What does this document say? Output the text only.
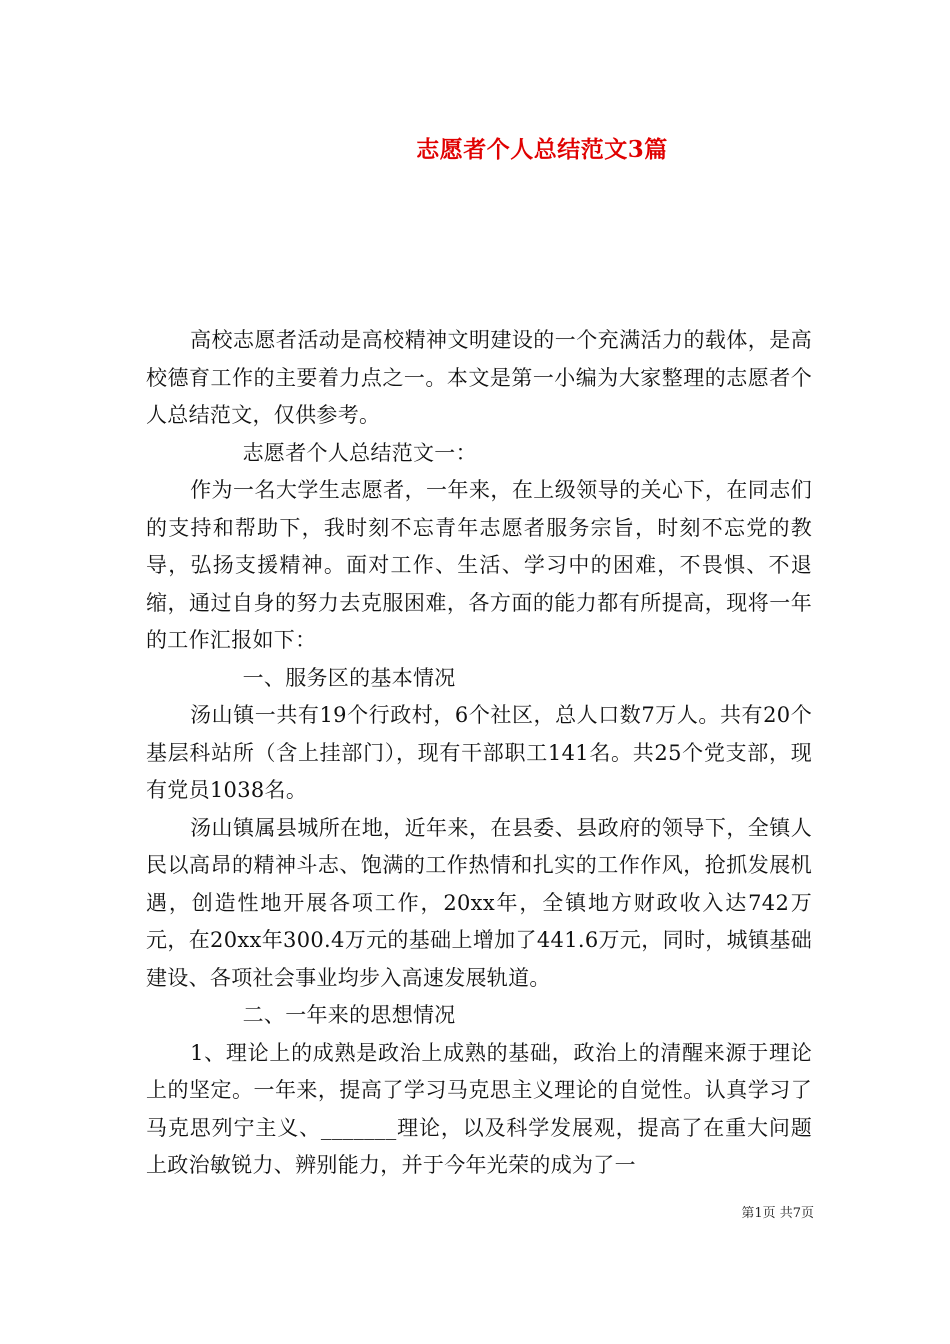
志愿者个人总结范文3篇

高校志愿者活动是高校精神文明建设的一个充满活力的载体，是高校德育工作的主要着力点之一。本文是第一小编为大家整理的志愿者个人总结范文，仅供参考。

志愿者个人总结范文一：

作为一名大学生志愿者，一年来，在上级领导的关心下，在同志们的支持和帮助下，我时刻不忘青年志愿者服务宗旨，时刻不忘党的教导，弘扬支援精神。面对工作、生活、学习中的困难，不畏惧、不退缩，通过自身的努力去克服困难，各方面的能力都有所提高，现将一年的工作汇报如下：

一、服务区的基本情况

汤山镇一共有19个行政村，6个社区，总人口数7万人。共有20个基层科站所（含上挂部门），现有干部职工141名。共25个党支部，现有党员1038名。

汤山镇属县城所在地，近年来，在县委、县政府的领导下，全镇人民以高昂的精神斗志、饱满的工作热情和扎实的工作作风，抢抓发展机遇，创造性地开展各项工作，20xx年，全镇地方财政收入达742万元，在20xx年300.4万元的基础上增加了441.6万元，同时，城镇基础建设、各项社会事业均步入高速发展轨道。

二、一年来的思想情况

1、理论上的成熟是政治上成熟的基础，政治上的清醒来源于理论上的坚定。一年来，提高了学习马克思主义理论的自觉性。认真学习了马克思列宁主义、_______理论，以及科学发展观，提高了在重大问题上政治敏锐力、辨别能力，并于今年光荣的成为了一

第1页 共7页
